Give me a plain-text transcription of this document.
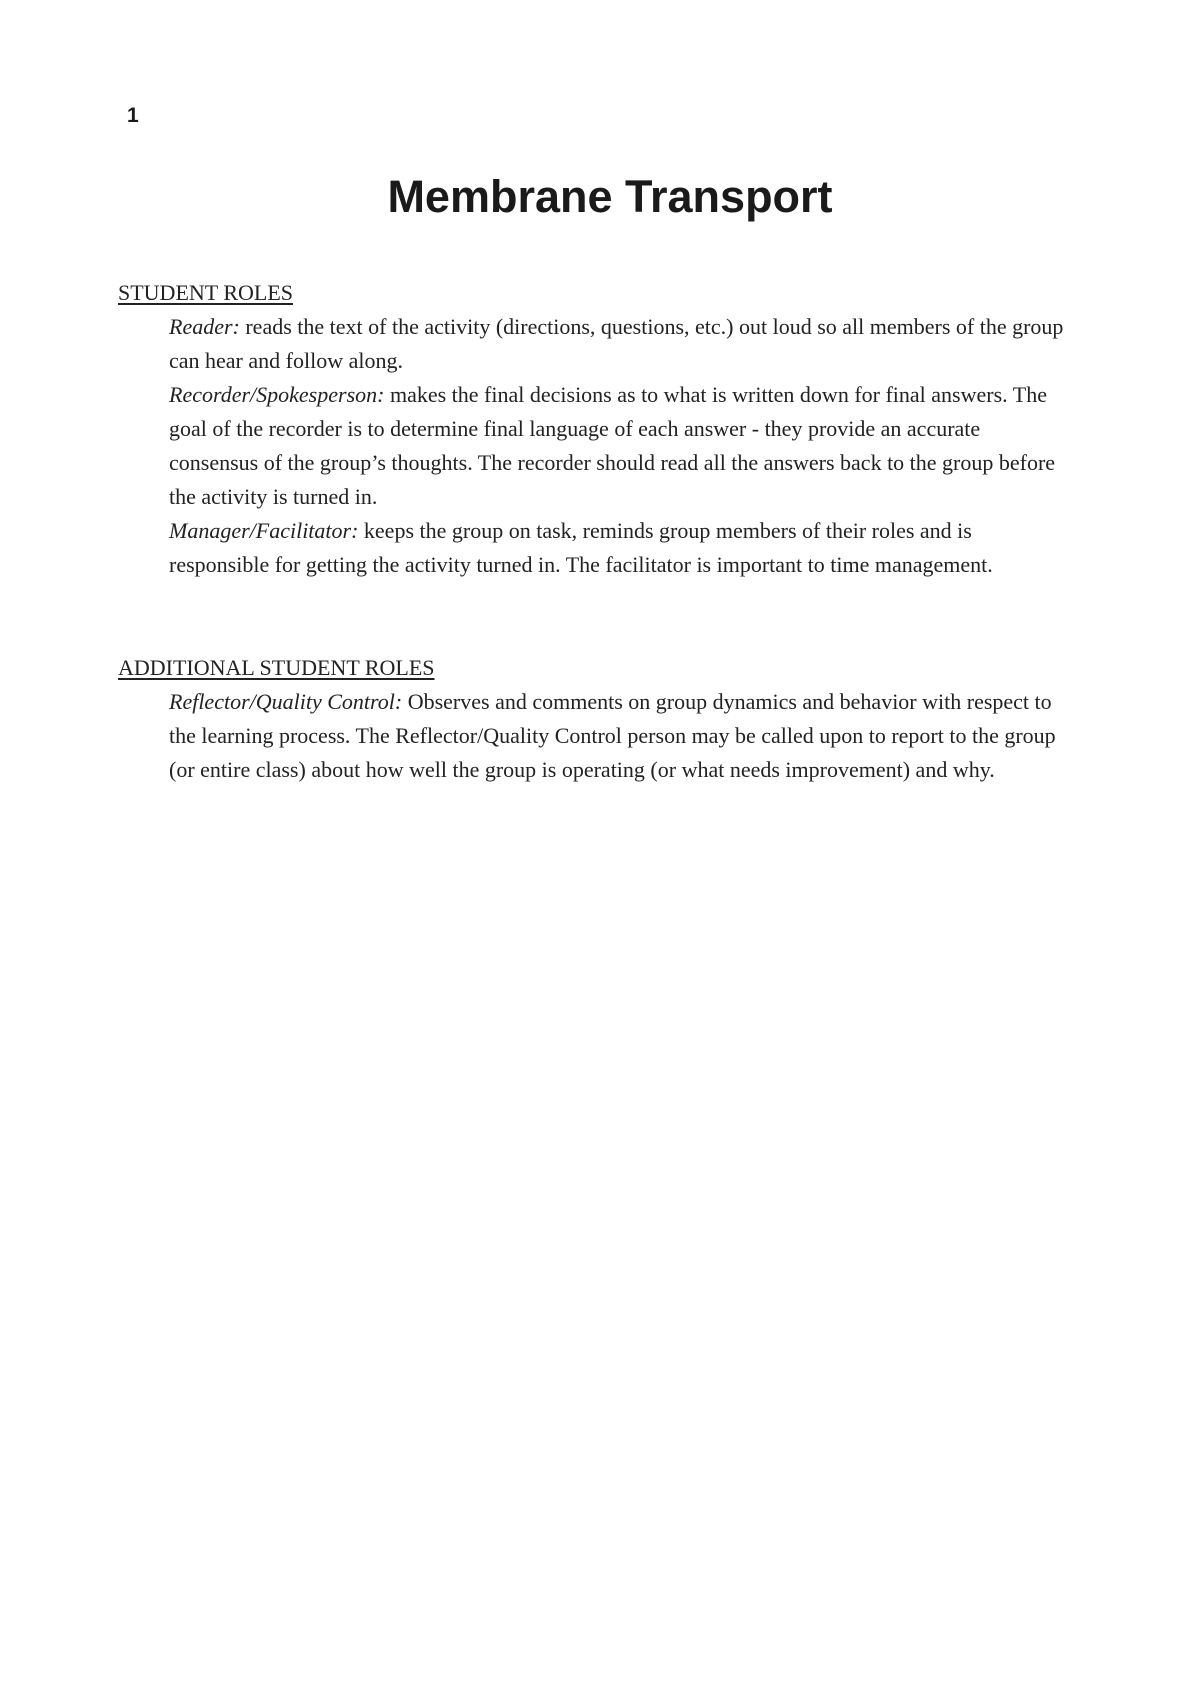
1
Membrane Transport
STUDENT ROLES

Reader: reads the text of the activity (directions, questions, etc.) out loud so all members of the group can hear and follow along.

Recorder/Spokesperson: makes the final decisions as to what is written down for final answers. The goal of the recorder is to determine final language of each answer - they provide an accurate consensus of the group’s thoughts. The recorder should read all the answers back to the group before the activity is turned in.

Manager/Facilitator: keeps the group on task, reminds group members of their roles and is responsible for getting the activity turned in. The facilitator is important to time management.

ADDITIONAL STUDENT ROLES

Reflector/Quality Control: Observes and comments on group dynamics and behavior with respect to the learning process. The Reflector/Quality Control person may be called upon to report to the group (or entire class) about how well the group is operating (or what needs improvement) and why.
